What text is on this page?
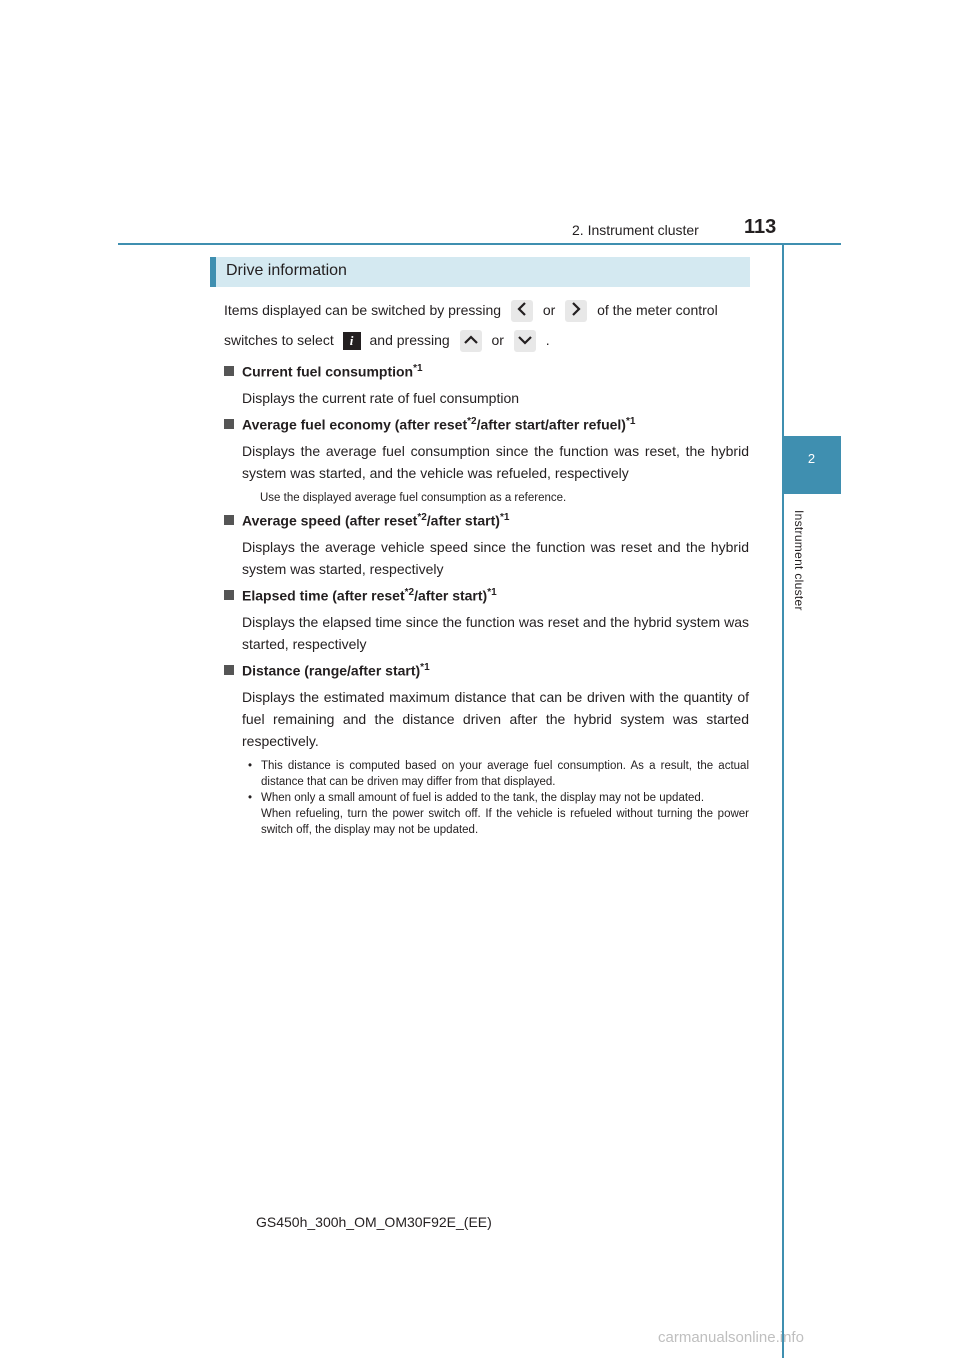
2. Instrument cluster 113
2
Instrument cluster
Drive information
Items displayed can be switched by pressing	or	of the meter control
switches to select i and pressing	or	.
Current fuel consumption$^{*1}$
Displays the current rate of fuel consumption
Average fuel economy (after reset$^{*2}$/after start/after refuel)$^{*1}$
Displays the average fuel consumption since the function was reset, the hybrid system was started, and the vehicle was refueled, respectively
Use the displayed average fuel consumption as a reference.
Average speed (after reset$^{*2}$/after start)$^{*1}$
Displays the average vehicle speed since the function was reset and the hybrid system was started, respectively
Elapsed time (after reset$^{*2}$/after start)$^{*1}$
Displays the elapsed time since the function was reset and the hybrid system was started, respectively
Distance (range/after start)$^{*1}$
Displays the estimated maximum distance that can be driven with the quantity of fuel remaining and the distance driven after the hybrid system was started respectively.
• This distance is computed based on your average fuel consumption. As a result, the actual distance that can be driven may differ from that displayed.
• When only a small amount of fuel is added to the tank, the display may not be updated.
When refueling, turn the power switch off. If the vehicle is refueled without turning the power switch off, the display may not be updated.
GS450h_300h_OM_OM30F92E_(EE)
carmanualsonline.info
